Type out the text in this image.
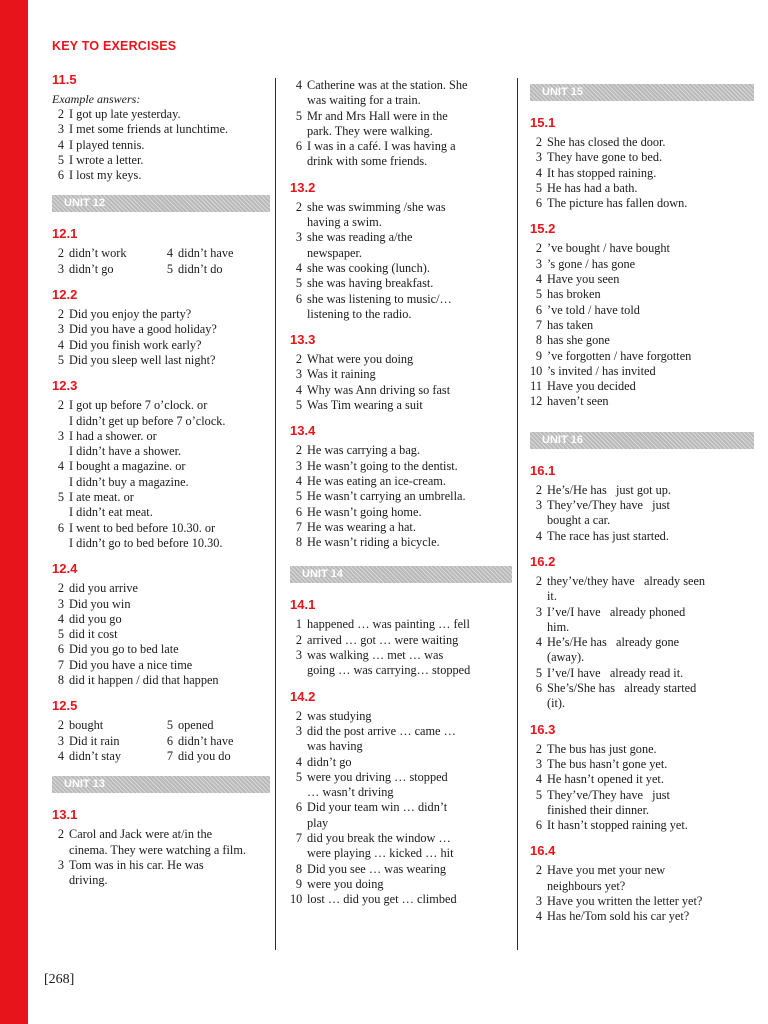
KEY TO EXERCISES
11.5
Example answers:
2 I got up late yesterday.
3 I met some friends at lunchtime.
4 I played tennis.
5 I wrote a letter.
6 I lost my keys.
UNIT 12
12.1
2 didn’t work
3 didn’t go
4 didn’t have
5 didn’t do
12.2
2 Did you enjoy the party?
3 Did you have a good holiday?
4 Did you finish work early?
5 Did you sleep well last night?
12.3
2 I got up before 7 o’clock. or
I didn’t get up before 7 o’clock.
3 I had a shower. or
I didn’t have a shower.
4 I bought a magazine. or
I didn’t buy a magazine.
5 I ate meat. or
I didn’t eat meat.
6 I went to bed before 10.30. or
I didn’t go to bed before 10.30.
12.4
2 did you arrive
3 Did you win
4 did you go
5 did it cost
6 Did you go to bed late
7 Did you have a nice time
8 did it happen / did that happen
12.5
2 bought
3 Did it rain
4 didn’t stay
5 opened
6 didn’t have
7 did you do
UNIT 13
13.1
2 Carol and Jack were at/in the
cinema. They were watching a film.
3 Tom was in his car. He was
driving.
4 Catherine was at the station. She
was waiting for a train.
5 Mr and Mrs Hall were in the
park. They were walking.
6 I was in a café. I was having a
drink with some friends.
13.2
2 she was swimming /she was
having a swim.
3 she was reading a/the
newspaper.
4 she was cooking (lunch).
5 she was having breakfast.
6 she was listening to music/…
listening to the radio.
13.3
2 What were you doing
3 Was it raining
4 Why was Ann driving so fast
5 Was Tim wearing a suit
13.4
2 He was carrying a bag.
3 He wasn’t going to the dentist.
4 He was eating an ice-cream.
5 He wasn’t carrying an umbrella.
6 He wasn’t going home.
7 He was wearing a hat.
8 He wasn’t riding a bicycle.
UNIT 14
14.1
1 happened … was painting … fell
2 arrived … got … were waiting
3 was walking … met … was
going … was carrying… stopped
14.2
2 was studying
3 did the post arrive … came …
was having
4 didn’t go
5 were you driving … stopped
… wasn’t driving
6 Did your team win … didn’t
play
7 did you break the window …
were playing … kicked … hit
8 Did you see … was wearing
9 were you doing
10 lost … did you get … climbed
UNIT 15
15.1
2 She has closed the door.
3 They have gone to bed.
4 It has stopped raining.
5 He has had a bath.
6 The picture has fallen down.
15.2
2 ’ve bought / have bought
3 ’s gone / has gone
4 Have you seen
5 has broken
6 ’ve told / have told
7 has taken
8 has she gone
9 ’ve forgotten / have forgotten
10 ’s invited / has invited
11 Have you decided
12 haven’t seen
UNIT 16
16.1
2 He’s/He has   just got up.
3 They’ve/They have   just
bought a car.
4 The race has just started.
16.2
2 they’ve/they have   already seen
it.
3 I’ve/I have   already phoned
him.
4 He’s/He has   already gone
(away).
5 I’ve/I have   already read it.
6 She’s/She has   already started
(it).
16.3
2 The bus has just gone.
3 The bus hasn’t gone yet.
4 He hasn’t opened it yet.
5 They’ve/They have   just
finished their dinner.
6 It hasn’t stopped raining yet.
16.4
2 Have you met your new
neighbours yet?
3 Have you written the letter yet?
4 Has he/Tom sold his car yet?
[268]
